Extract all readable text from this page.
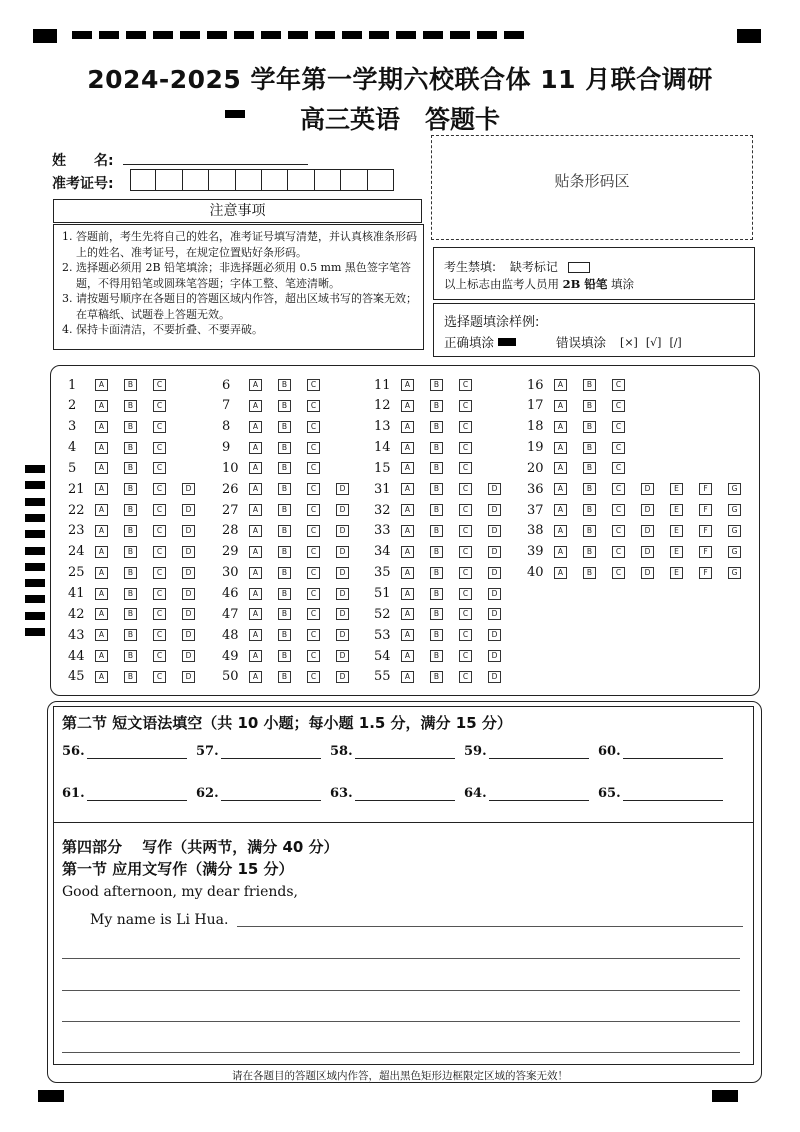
2024-2025 学年第一学期六校联合体 11 月联合调研
高三英语　答题卡
姓　　名:
准考证号:	贴条形码区
注意事项
1. 答题前，考生先将自己的姓名，准考证号填写清楚，并认真核准条形码上的姓名、准考证号，在规定位置贴好条形码。
2. 选择题必须用 2B 铅笔填涂；非选择题必须用 0.5 mm 黑色签字笔答题，不得用铅笔或圆珠笔答题；字体工整、笔迹清晰。
3. 请按题号顺序在各题目的答题区域内作答，超出区域书写的答案无效；在草稿纸、试题卷上答题无效。
4. 保持卡面清洁，不要折叠、不要弄破。
考生禁填: 缺考标记
以上标志由监考人员用 2B 铅笔 填涂
选择题填涂样例:
正确填涂	错误填涂 [×] [√] [/]
1	A	B	C
2	A	B	C
3	A	B	C
4	A	B	C
5	A	B	C
21	A	B	C	D
22	A	B	C	D
23	A	B	C	D
24	A	B	C	D
25	A	B	C	D
41	A	B	C	D
42	A	B	C	D
43	A	B	C	D
44	A	B	C	D
45	A	B	C	D
6	A	B	C
7	A	B	C
8	A	B	C
9	A	B	C
10	A	B	C
26	A	B	C	D
27	A	B	C	D
28	A	B	C	D
29	A	B	C	D
30	A	B	C	D
46	A	B	C	D
47	A	B	C	D
48	A	B	C	D
49	A	B	C	D
50	A	B	C	D
11	A	B	C
12	A	B	C
13	A	B	C
14	A	B	C
15	A	B	C
31	A	B	C	D
32	A	B	C	D
33	A	B	C	D
34	A	B	C	D
35	A	B	C	D
51	A	B	C	D
52	A	B	C	D
53	A	B	C	D
54	A	B	C	D
55	A	B	C	D
16	A	B	C
17	A	B	C
18	A	B	C
19	A	B	C
20	A	B	C
36	A	B	C	D	E	F	G
37	A	B	C	D	E	F	G
38	A	B	C	D	E	F	G
39	A	B	C	D	E	F	G
40	A	B	C	D	E	F	G
第二节 短文语法填空（共 10 小题；每小题 1.5 分，满分 15 分）
56.	57.	58.	59.	60.
61.	62.	63.	64.	65.
第四部分　 写作（共两节，满分 40 分）
第一节 应用文写作（满分 15 分）
Good afternoon, my dear friends,
My name is Li Hua.
请在各题目的答题区域内作答，超出黑色矩形边框限定区域的答案无效！
